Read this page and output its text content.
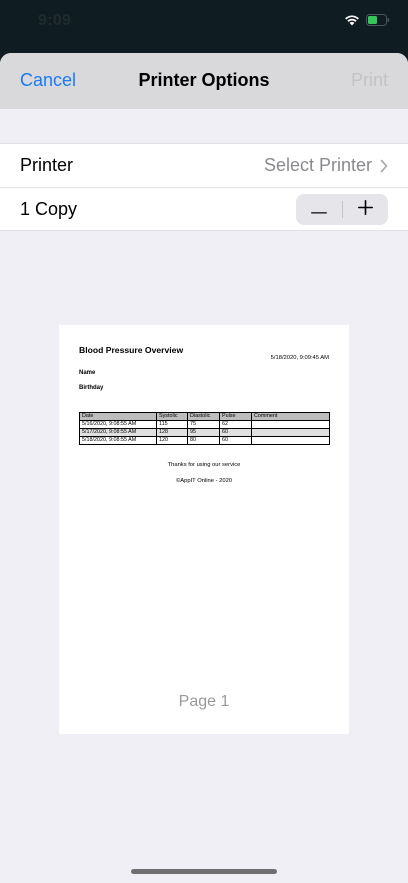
9:09
Cancel	Printer Options	Print
Printer	Select Printer
1 Copy
Blood Pressure Overview
5/18/2020, 9:09:45 AM
Name
Birthday
Date	Systolic	Diastolic	Pulse	Comment
5/16/2020, 9:08:55 AM	115	75	62	
5/17/2020, 9:08:55 AM	128	95	60	
5/18/2020, 9:08:55 AM	120	80	60	
Thanks for using our service
©AppIT Online - 2020
Page 1
